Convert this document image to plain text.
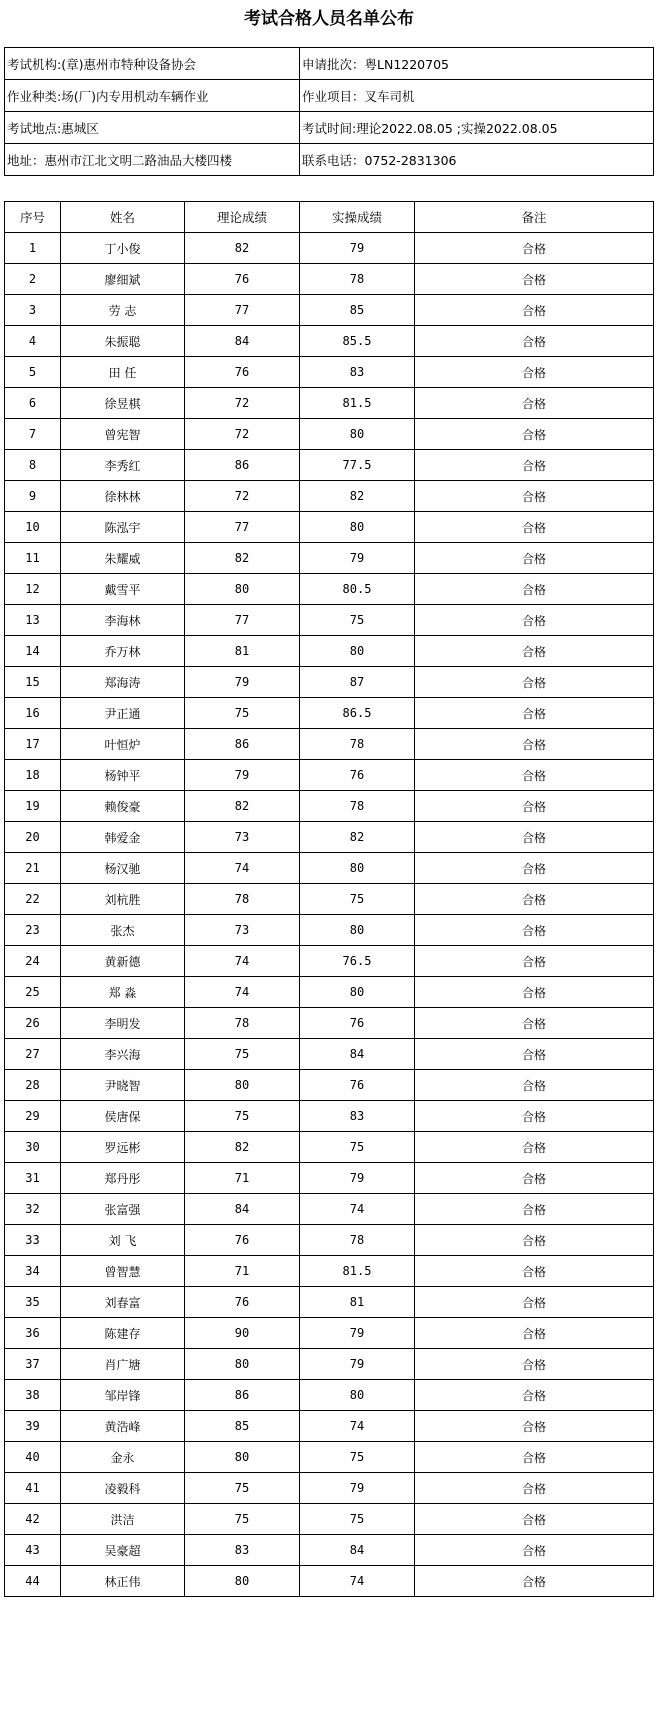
考试合格人员名单公布
考试机构:(章)惠州市特种设备协会	申请批次：粤LN1220705
作业种类:场(厂)内专用机动车辆作业	作业项目：叉车司机
考试地点:惠城区	考试时间:理论2022.08.05 ;实操2022.08.05
地址：惠州市江北文明二路油品大楼四楼	联系电话：0752-2831306
序号	姓名	理论成绩	实操成绩	备注
1	丁小俊	82	79	合格
2	廖细斌	76	78	合格
3	劳 志	77	85	合格
4	朱振聪	84	85.5	合格
5	田 任	76	83	合格
6	徐昱棋	72	81.5	合格
7	曾宪智	72	80	合格
8	李秀红	86	77.5	合格
9	徐林林	72	82	合格
10	陈泓宇	77	80	合格
11	朱耀威	82	79	合格
12	戴雪平	80	80.5	合格
13	李海林	77	75	合格
14	乔万林	81	80	合格
15	郑海涛	79	87	合格
16	尹正通	75	86.5	合格
17	叶恒炉	86	78	合格
18	杨钟平	79	76	合格
19	赖俊豪	82	78	合格
20	韩爱金	73	82	合格
21	杨汉驰	74	80	合格
22	刘杭胜	78	75	合格
23	张杰	73	80	合格
24	黄新德	74	76.5	合格
25	郑 淼	74	80	合格
26	李明发	78	76	合格
27	李兴海	75	84	合格
28	尹晓智	80	76	合格
29	侯唐保	75	83	合格
30	罗远彬	82	75	合格
31	郑丹彤	71	79	合格
32	张富强	84	74	合格
33	刘 飞	76	78	合格
34	曾智慧	71	81.5	合格
35	刘春富	76	81	合格
36	陈建存	90	79	合格
37	肖广塘	80	79	合格
38	邹岸锋	86	80	合格
39	黄浩峰	85	74	合格
40	金永	80	75	合格
41	凌毅科	75	79	合格
42	洪洁	75	75	合格
43	吴豪超	83	84	合格
44	林正伟	80	74	合格
